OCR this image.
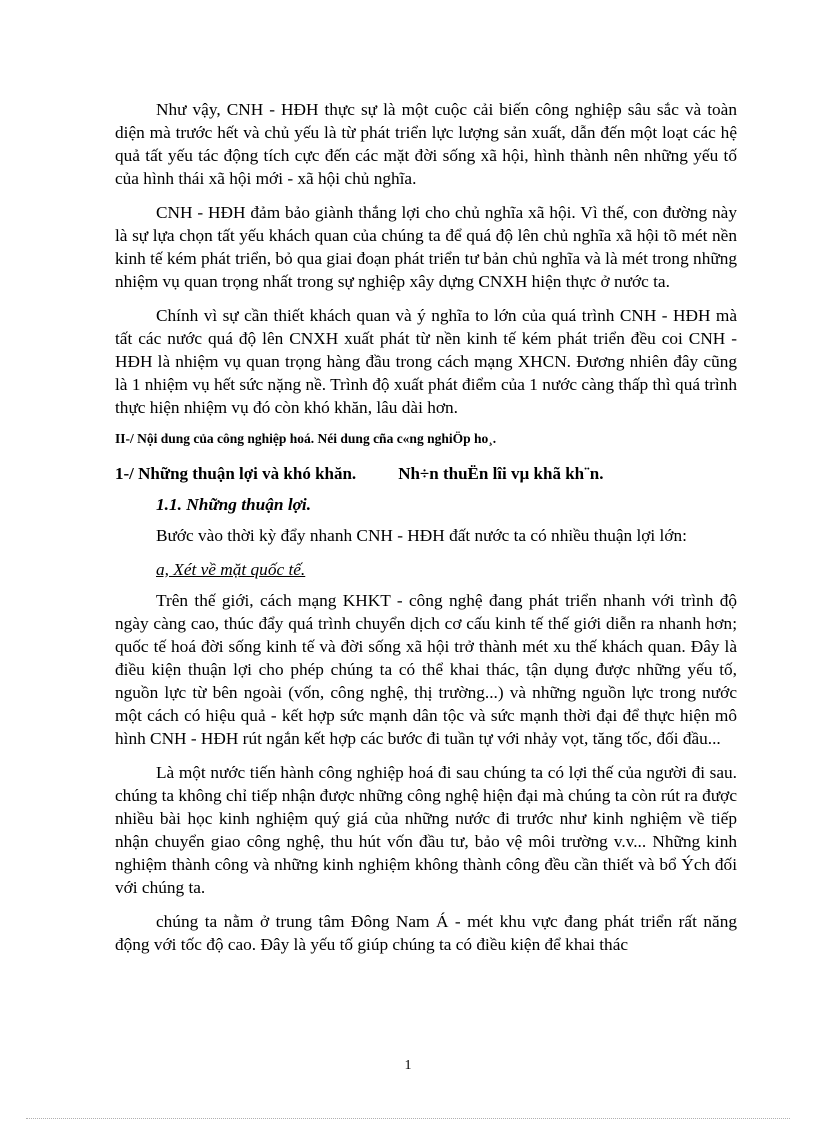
Như vậy, CNH - HĐH thực sự là một cuộc cải biến công nghiệp sâu sắc và toàn diện mà trước hết và chủ yếu là từ phát triển lực lượng sản xuất, dẫn đến một loạt các hệ quả tất yếu tác động tích cực đến các mặt đời sống xã hội, hình thành nên những yếu tố của hình thái xã hội mới - xã hội chủ nghĩa.

CNH - HĐH đảm bảo giành thắng lợi cho chủ nghĩa xã hội. Vì thế, con đường này là sự lựa chọn tất yếu khách quan của chúng ta để quá độ lên chủ nghĩa xã hội tõ mét nền kinh tế kém phát triển, bỏ qua giai đoạn phát triển tư bản chủ nghĩa và là mét trong những nhiệm vụ quan trọng nhất trong sự nghiệp xây dựng CNXH hiện thực ở nước ta.

Chính vì sự cần thiết khách quan và ý nghĩa to lớn của quá trình CNH - HĐH mà tất các nước quá độ lên CNXH xuất phát từ nền kinh tế kém phát triển đều coi CNH - HĐH là nhiệm vụ quan trọng hàng đầu trong cách mạng XHCN. Đương nhiên đây cũng là 1 nhiệm vụ hết sức nặng nề. Trình độ xuất phát điểm của 1 nước càng thấp thì quá trình thực hiện nhiệm vụ đó còn khó khăn, lâu dài hơn.

II-/ Nội dung của công nghiệp hoá. Néi dung cña c«ng nghiÖp ho¸.
1-/ Những thuận lợi và khó khăn. Nh÷n thuËn lîi vµ khã kh¨n.
1.1. Những thuận lợi.

Bước vào thời kỳ đẩy nhanh CNH - HĐH đất nước ta có nhiều thuận lợi lớn:

a, Xét về mặt quốc tế.

Trên thế giới, cách mạng KHKT - công nghệ đang phát triển nhanh với trình độ ngày càng cao, thúc đẩy quá trình chuyển dịch cơ cấu kinh tế thế giới diễn ra nhanh hơn; quốc tế hoá đời sống kinh tế và đời sống xã hội trở thành mét xu thế khách quan. Đây là điều kiện thuận lợi cho phép chúng ta có thể khai thác, tận dụng được những yếu tố, nguồn lực từ bên ngoài (vốn, công nghệ, thị trường...) và những nguồn lực trong nước một cách có hiệu quả - kết hợp sức mạnh dân tộc và sức mạnh thời đại để thực hiện mô hình CNH - HĐH rút ngắn kết hợp các bước đi tuần tự với nhảy vọt, tăng tốc, đối đầu...

Là một nước tiến hành công nghiệp hoá đi sau chúng ta có lợi thế của người đi sau. chúng ta không chỉ tiếp nhận được những công nghệ hiện đại mà chúng ta còn rút ra được nhiều bài học kinh nghiệm quý giá của những nước đi trước như kinh nghiệm về tiếp nhận chuyển giao công nghệ, thu hút vốn đầu tư, bảo vệ môi trường v.v... Những kinh nghiệm thành công và những kinh nghiệm không thành công đều cần thiết và bổ Ých đối với chúng ta.

chúng ta nằm ở trung tâm Đông Nam Á - mét khu vực đang phát triển rất năng động với tốc độ cao. Đây là yếu tố giúp chúng ta có điều kiện để khai thác

1
